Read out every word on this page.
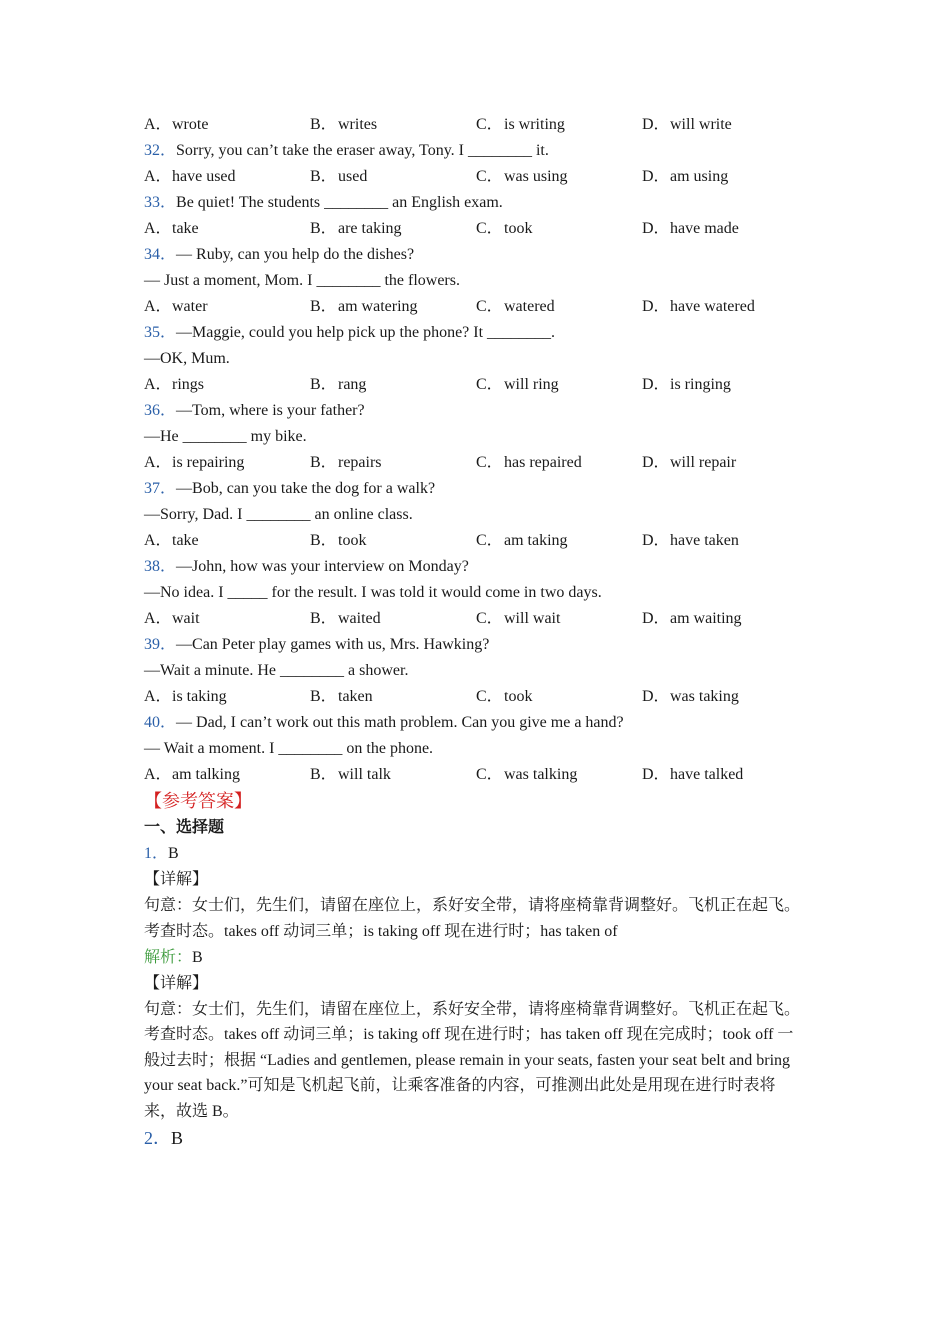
A．wrote	B．writes	C．is writing	D．will write
32．Sorry, you can’t take the eraser away, Tony. I ________ it.
A．have used	B．used	C．was using	D．am using
33．Be quiet! The students ________ an English exam.
A．take	B．are taking	C．took	D．have made
34．— Ruby, can you help do the dishes?
— Just a moment, Mom. I ________ the flowers.
A．water	B．am watering	C．watered	D．have watered
35．—Maggie, could you help pick up the phone? It ________.
—OK, Mum.
A．rings	B．rang	C．will ring	D．is ringing
36．—Tom, where is your father?
—He ________ my bike.
A．is repairing	B．repairs	C．has repaired	D．will repair
37．—Bob, can you take the dog for a walk?
—Sorry, Dad. I ________ an online class.
A．take	B．took	C．am taking	D．have taken
38．—John, how was your interview on Monday?
—No idea. I _____ for the result. I was told it would come in two days.
A．wait	B．waited	C．will wait	D．am waiting
39．—Can Peter play games with us, Mrs. Hawking?
—Wait a minute. He ________ a shower.
A．is taking	B．taken	C．took	D．was taking
40．— Dad, I can’t work out this math problem. Can you give me a hand?
— Wait a moment. I ________ on the phone.
A．am talking	B．will talk	C．was talking	D．have talked
【参考答案】
一、选择题
1．B
【详解】
句意：女士们，先生们，请留在座位上，系好安全带，请将座椅靠背调整好。飞机正在起飞。
考查时态。takes off 动词三单；is taking off 现在进行时；has taken of
解析：B
【详解】
句意：女士们，先生们，请留在座位上，系好安全带，请将座椅靠背调整好。飞机正在起飞。
考查时态。takes off 动词三单；is taking off 现在进行时；has taken off 现在完成时；took off 一般过去时；根据 “Ladies and gentlemen, please remain in your seats, fasten your seat belt and bring your seat back.”可知是飞机起飞前，让乘客准备的内容，可推测出此处是用现在进行时表将来，故选 B。
2．B
